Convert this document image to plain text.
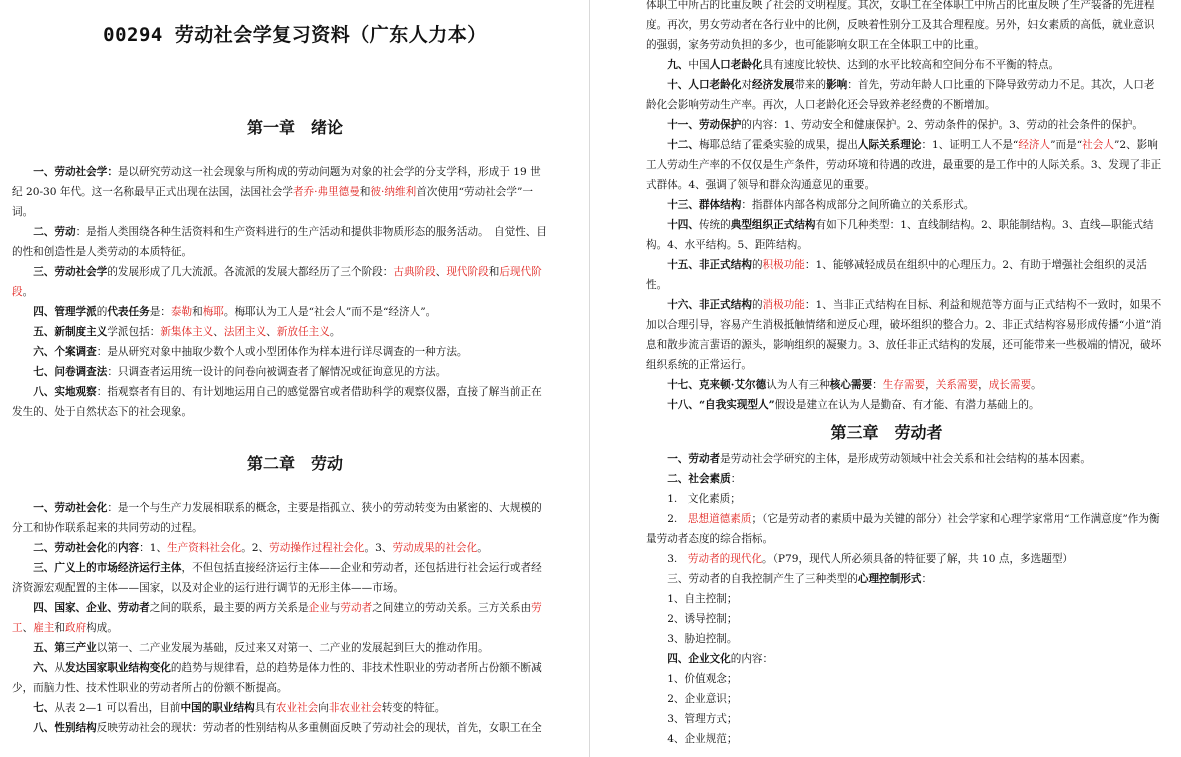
00294 劳动社会学复习资料（广东人力本）
第一章　绪论

一、劳动社会学：是以研究劳动这一社会现象与所构成的劳动问题为对象的社会学的分支学科，形成于 19 世纪 20-30 年代。这一名称最早正式出现在法国，法国社会学者乔·弗里德曼和彼·纳维利首次使用“劳动社会学”一词。

二、劳动：是指人类围绕各种生活资料和生产资料进行的生产活动和提供非物质形态的服务活动。　自觉性、目的性和创造性是人类劳动的本质特征。

三、劳动社会学的发展形成了几大流派。各流派的发展大都经历了三个阶段：古典阶段、现代阶段和后现代阶段。

四、管理学派的代表任务是：泰勒和梅耶。梅耶认为工人是“社会人”而不是“经济人”。

五、新制度主义学派包括：新集体主义、法团主义、新放任主义。

六、个案调查：是从研究对象中抽取少数个人或小型团体作为样本进行详尽调查的一种方法。

七、问卷调查法：只调查者运用统一设计的问卷向被调查者了解情况或征询意见的方法。

八、实地观察：指观察者有目的、有计划地运用自己的感觉器官或者借助科学的观察仪器，直接了解当前正在发生的、处于自然状态下的社会现象。

第二章　劳动

一、劳动社会化：是一个与生产力发展相联系的概念，主要是指孤立、狭小的劳动转变为由紧密的、大规模的分工和协作联系起来的共同劳动的过程。

二、劳动社会化的内容：1、生产资料社会化。2、劳动操作过程社会化。3、劳动成果的社会化。

三、广义上的市场经济运行主体，不但包括直接经济运行主体——企业和劳动者，还包括进行社会运行或者经济资源宏观配置的主体——国家，以及对企业的运行进行调节的无形主体——市场。

四、国家、企业、劳动者之间的联系，最主要的两方关系是企业与劳动者之间建立的劳动关系。三方关系由劳工、雇主和政府构成。

五、第三产业以第一、二产业发展为基础，反过来又对第一、二产业的发展起到巨大的推动作用。

六、从发达国家职业结构变化的趋势与规律看，总的趋势是体力性的、非技术性职业的劳动者所占份额不断减少，而脑力性、技术性职业的劳动者所占的份额不断提高。

七、从表 2—1 可以看出，目前中国的职业结构具有农业社会向非农业社会转变的特征。

八、性别结构反映劳动社会的现状：劳动者的性别结构从多重侧面反映了劳动社会的现状，首先，女职工在全

体职工中所占的比重反映了社会的文明程度。其次，女职工在全体职工中所占的比重反映了生产装备的先进程度。再次，男女劳动者在各行业中的比例，反映着性别分工及其合理程度。另外，妇女素质的高低，就业意识的强弱，家务劳动负担的多少，也可能影响女职工在全体职工中的比重。

九、中国人口老龄化具有速度比较快、达到的水平比较高和空间分布不平衡的特点。

十、人口老龄化对经济发展带来的影响：首先，劳动年龄人口比重的下降导致劳动力不足。其次，人口老龄化会影响劳动生产率。再次，人口老龄化还会导致养老经费的不断增加。

十一、劳动保护的内容：1、劳动安全和健康保护。2、劳动条件的保护。3、劳动的社会条件的保护。

十二、梅耶总结了霍桑实验的成果，提出人际关系理论：1、证明工人不是“经济人”而是“社会人”2、影响工人劳动生产率的不仅仅是生产条件，劳动环境和待遇的改进，最重要的是工作中的人际关系。3、发现了非正式群体。4、强调了领导和群众沟通意见的重要。

十三、群体结构：指群体内部各构成部分之间所确立的关系形式。

十四、传统的典型组织正式结构有如下几种类型：1、直线制结构。2、职能制结构。3、直线—职能式结构。4、水平结构。5、距阵结构。

十五、非正式结构的积极功能：1、能够减轻成员在组织中的心理压力。2、有助于增强社会组织的灵活性。

十六、非正式结构的消极功能：1、当非正式结构在目标、利益和规范等方面与正式结构不一致时，如果不加以合理引导，容易产生消极抵触情绪和逆反心理，破坏组织的整合力。2、非正式结构容易形成传播“小道”消息和散步流言蜚语的源头，影响组织的凝聚力。3、放任非正式结构的发展，还可能带来一些极端的情况，破坏组织系统的正常运行。

十七、克来顿·艾尔德认为人有三种核心需要：生存需要，关系需要，成长需要。

十八、“自我实现型人”假设是建立在认为人是勤奋、有才能、有潜力基础上的。

第三章　劳动者

一、劳动者是劳动社会学研究的主体，是形成劳动领域中社会关系和社会结构的基本因素。

二、社会素质：

1.　文化素质；

2.　思想道德素质；（它是劳动者的素质中最为关键的部分）社会学家和心理学家常用“工作满意度”作为衡量劳动者态度的综合指标。

3.　劳动者的现代化。（P79，现代人所必须具备的特征要了解，共 10 点，多选题型）

三、劳动者的自我控制产生了三种类型的心理控制形式：

1、自主控制；

2、诱导控制；

3、胁迫控制。

四、企业文化的内容：

1、价值观念；

2、企业意识；

3、管理方式；

4、企业规范；
